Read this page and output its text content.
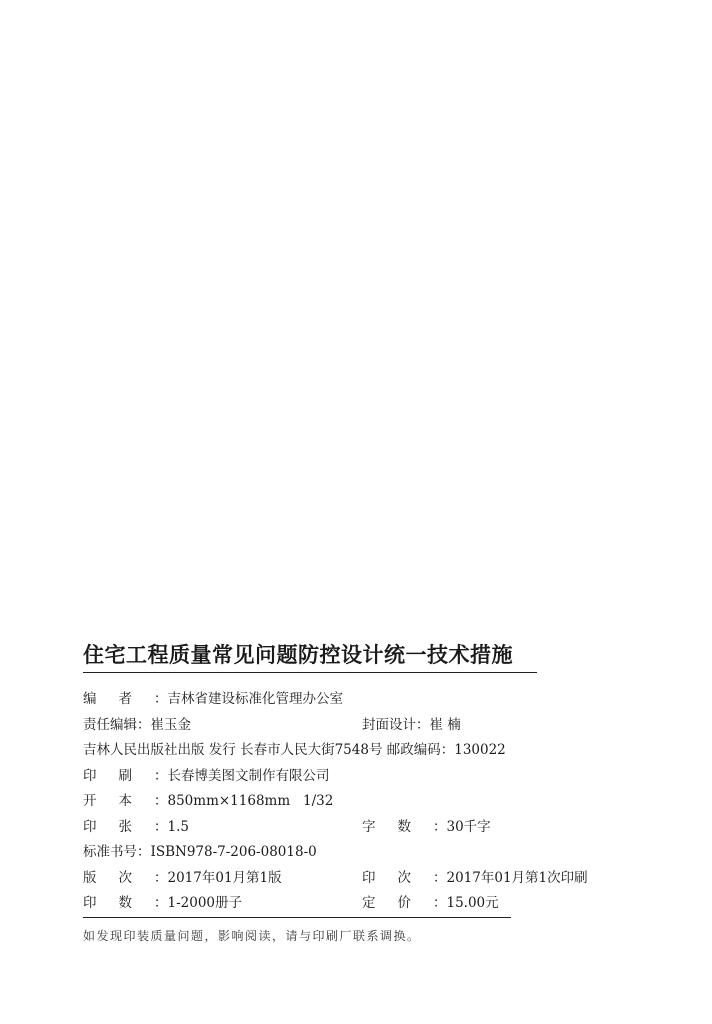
住宅工程质量常见问题防控设计统一技术措施
编者：吉林省建设标准化管理办公室
责任编辑：崔玉金	封面设计：崔 楠
吉林人民出版社出版 发行 长春市人民大街7548号 邮政编码：130022
印刷：长春博美图文制作有限公司
开本：850mm×1168mm   1/32
印张：1.5	字数：30千字
标准书号：ISBN978-7-206-08018-0
版次：2017年01月第1版	印次：2017年01月第1次印刷
印数：1-2000册子	定价：15.00元
如发现印装质量问题，影响阅读，请与印刷厂联系调换。
